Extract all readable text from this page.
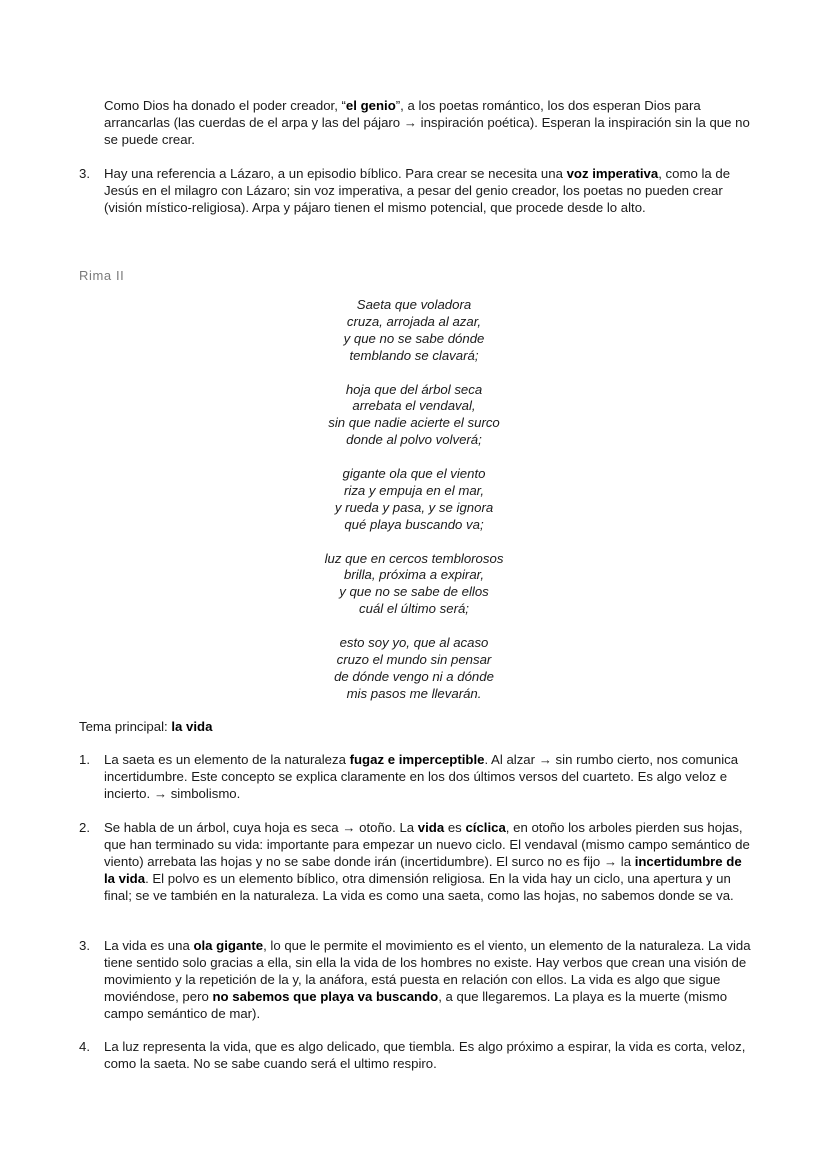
Como Dios ha donado el poder creador, “el genio”, a los poetas romántico, los dos esperan Dios para arrancarlas (las cuerdas de el arpa y las del pájaro → inspiración poética). Esperan la inspiración sin la que no se puede crear.

3. Hay una referencia a Lázaro, a un episodio bíblico. Para crear se necesita una voz imperativa, como la de Jesús en el milagro con Lázaro; sin voz imperativa, a pesar del genio creador, los poetas no pueden crear (visión místico-religiosa). Arpa y pájaro tienen el mismo potencial, que procede desde lo alto.

Rima II

Saeta que voladora
cruza, arrojada al azar,
y que no se sabe dónde
temblando se clavará;
hoja que del árbol seca
arrebata el vendaval,
sin que nadie acierte el surco
donde al polvo volverá;
gigante ola que el viento
riza y empuja en el mar,
y rueda y pasa, y se ignora
qué playa buscando va;
luz que en cercos temblorosos
brilla, próxima a expirar,
y que no se sabe de ellos
cuál el último será;
esto soy yo, que al acaso
cruzo el mundo sin pensar
de dónde vengo ni a dónde
mis pasos me llevarán.

Tema principal: la vida

1. La saeta es un elemento de la naturaleza fugaz e imperceptible. Al alzar → sin rumbo cierto, nos comunica incertidumbre. Este concepto se explica claramente en los dos últimos versos del cuarteto. Es algo veloz e incierto. → simbolismo.

2. Se habla de un árbol, cuya hoja es seca → otoño. La vida es cíclica, en otoño los arboles pierden sus hojas, que han terminado su vida: importante para empezar un nuevo ciclo. El vendaval (mismo campo semántico de viento) arrebata las hojas y no se sabe donde irán (incertidumbre). El surco no es fijo → la incertidumbre de la vida. El polvo es un elemento bíblico, otra dimensión religiosa. En la vida hay un ciclo, una apertura y un final; se ve también en la naturaleza. La vida es como una saeta, como las hojas, no sabemos donde se va.

3. La vida es una ola gigante, lo que le permite el movimiento es el viento, un elemento de la naturaleza. La vida tiene sentido solo gracias a ella, sin ella la vida de los hombres no existe. Hay verbos que crean una visión de movimiento y la repetición de la y, la anáfora, está puesta en relación con ellos. La vida es algo que sigue moviéndose, pero no sabemos que playa va buscando, a que llegaremos. La playa es la muerte (mismo campo semántico de mar).

4. La luz representa la vida, que es algo delicado, que tiembla. Es algo próximo a espirar, la vida es corta, veloz, como la saeta. No se sabe cuando será el ultimo respiro.
